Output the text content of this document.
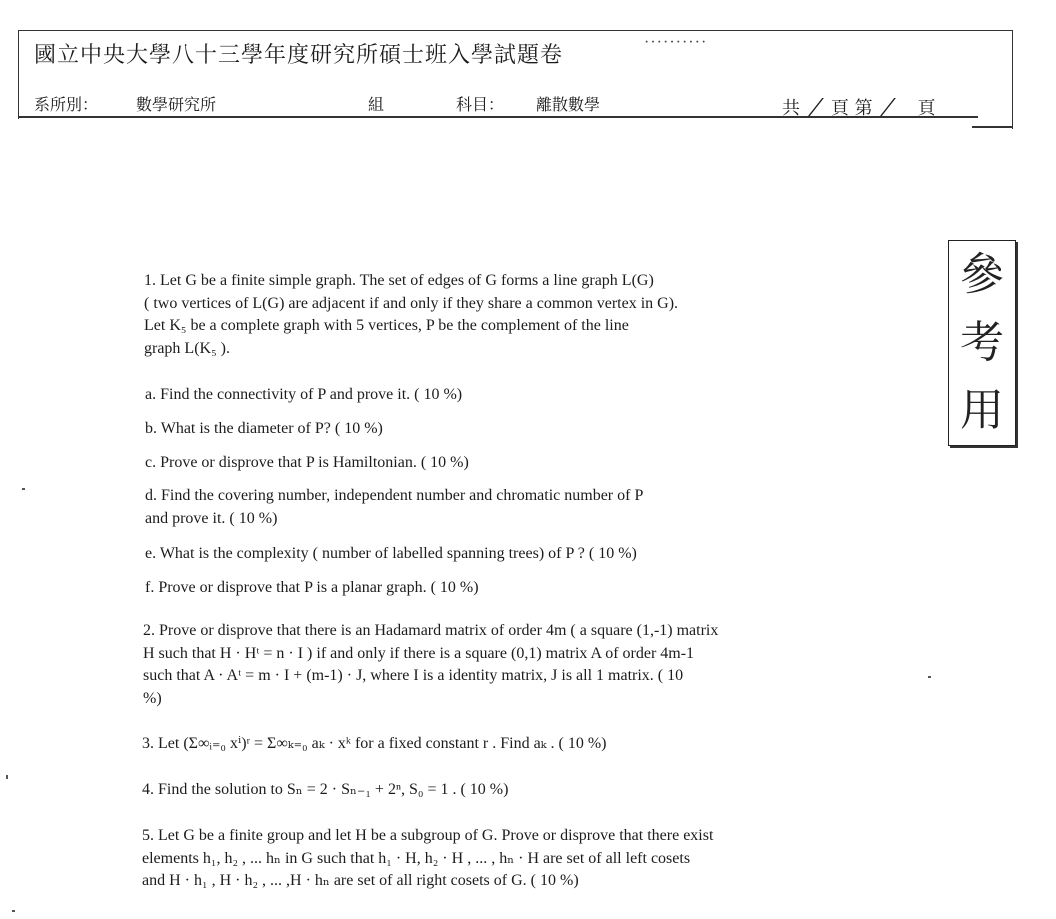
國立中央大學八十三學年度研究所碩士班入學試題卷
··········
系所別： 數學研究所	組	科目： 離散數學	共 / 頁 第 / 頁
參
考
用

1. Let G be a finite simple graph. The set of edges of G forms a line graph L(G)

( two vertices of L(G) are adjacent if and only if they share a common vertex in G).

Let K₅ be a complete graph with 5 vertices, P be the complement of the line

graph L(K₅ ).

a. Find the connectivity of P and prove it. ( 10 %)
b. What is the diameter of P? ( 10 %)
c. Prove or disprove that P is Hamiltonian. ( 10 %)

d. Find the covering number, independent number and chromatic number of P

and prove it. ( 10 %)

e. What is the complexity ( number of labelled spanning trees) of P ? ( 10 %)
f. Prove or disprove that P is a planar graph. ( 10 %)

2. Prove or disprove that there is an Hadamard matrix of order 4m ( a square (1,-1) matrix

H such that H · Hᵗ = n · I ) if and only if there is a square (0,1) matrix A of order 4m-1

such that A · Aᵗ = m · I + (m-1) · J, where I is a identity matrix, J is all 1 matrix. ( 10

%)

3. Let (Σ∞ᵢ₌₀ xⁱ)ʳ = Σ∞ₖ₌₀ aₖ · xᵏ for a fixed constant r . Find aₖ . ( 10 %)
4. Find the solution to Sₙ = 2 · Sₙ₋₁ + 2ⁿ, S₀ = 1 . ( 10 %)

5. Let G be a finite group and let H be a subgroup of G. Prove or disprove that there exist

elements h₁, h₂ , ... hₙ in G such that h₁ · H, h₂ · H , ... , hₙ · H are set of all left cosets

and H · h₁ , H · h₂ , ... ,H · hₙ are set of all right cosets of G. ( 10 %)
